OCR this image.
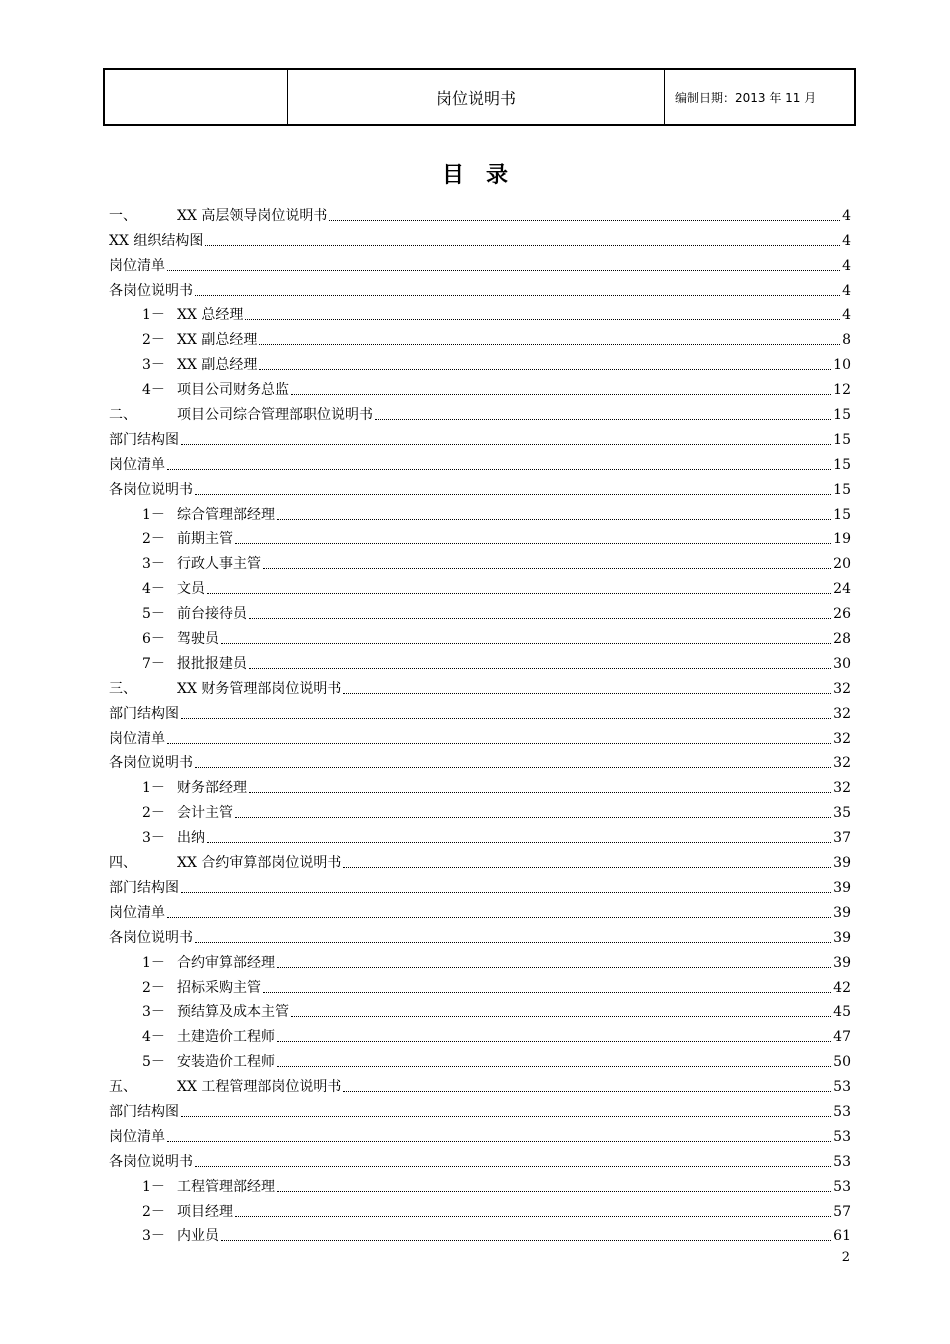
岗位说明书	编制日期：2013 年 11 月
目录
一、	XX 高层领导岗位说明书	4
XX 组织结构图	4
岗位清单	4
各岗位说明书	4
1－ XX 总经理	4
2－ XX 副总经理	8
3－ XX 副总经理	10
4－ 项目公司财务总监	12
二、	项目公司综合管理部职位说明书	15
部门结构图	15
岗位清单	15
各岗位说明书	15
1－ 综合管理部经理	15
2－ 前期主管	19
3－ 行政人事主管	20
4－ 文员	24
5－ 前台接待员	26
6－ 驾驶员	28
7－ 报批报建员	30
三、	XX 财务管理部岗位说明书	32
部门结构图	32
岗位清单	32
各岗位说明书	32
1－ 财务部经理	32
2－ 会计主管	35
3－ 出纳	37
四、	XX 合约审算部岗位说明书	39
部门结构图	39
岗位清单	39
各岗位说明书	39
1－ 合约审算部经理	39
2－ 招标采购主管	42
3－ 预结算及成本主管	45
4－ 土建造价工程师	47
5－ 安装造价工程师	50
五、	XX 工程管理部岗位说明书	53
部门结构图	53
岗位清单	53
各岗位说明书	53
1－ 工程管理部经理	53
2－ 项目经理	57
3－ 内业员	61
2
